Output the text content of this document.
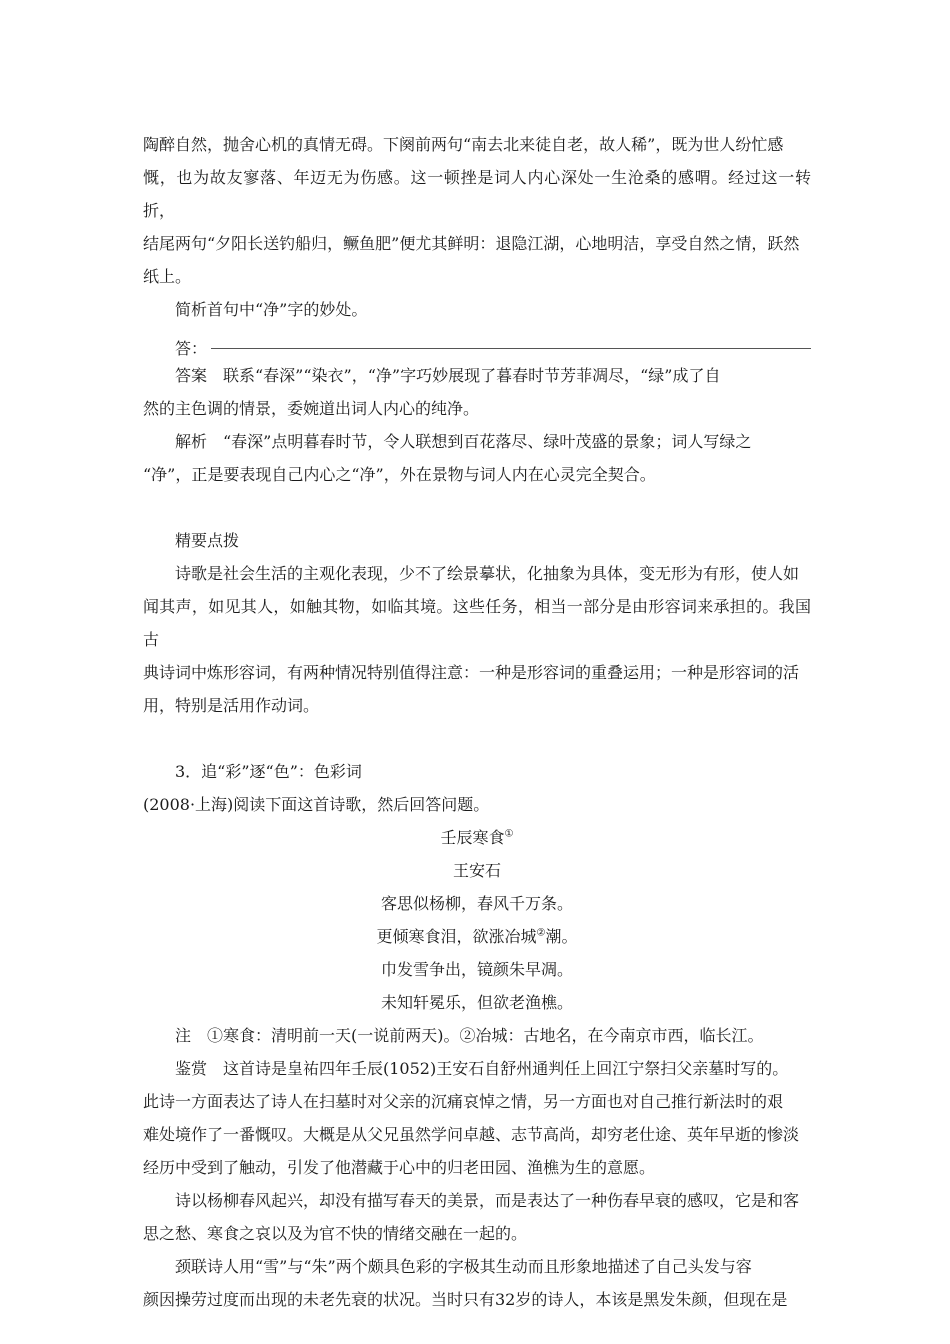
陶醉自然，抛舍心机的真情无碍。下阕前两句“南去北来徒自老，故人稀”，既为世人纷忙感

慨，也为故友寥落、年迈无为伤感。这一顿挫是词人内心深处一生沧桑的感喟。经过这一转折，

结尾两句“夕阳长送钓船归，鳜鱼肥”便尤其鲜明：退隐江湖，心地明洁，享受自然之情，跃然

纸上。

简析首句中“净”字的妙处。

答：

答案　联系“春深”“染衣”，“净”字巧妙展现了暮春时节芳菲凋尽，“绿”成了自

然的主色调的情景，委婉道出词人内心的纯净。

解析　“春深”点明暮春时节，令人联想到百花落尽、绿叶茂盛的景象；词人写绿之

“净”，正是要表现自己内心之“净”，外在景物与词人内在心灵完全契合。

精要点拨

诗歌是社会生活的主观化表现，少不了绘景摹状，化抽象为具体，变无形为有形，使人如

闻其声，如见其人，如触其物，如临其境。这些任务，相当一部分是由形容词来承担的。我国古

典诗词中炼形容词，有两种情况特别值得注意：一种是形容词的重叠运用；一种是形容词的活

用，特别是活用作动词。

3．追“彩”逐“色”：色彩词

(2008·上海)阅读下面这首诗歌，然后回答问题。

壬辰寒食①

王安石

客思似杨柳，春风千万条。

更倾寒食泪，欲涨冶城②潮。

巾发雪争出，镜颜朱早凋。

未知轩冕乐，但欲老渔樵。

注　①寒食：清明前一天(一说前两天)。②冶城：古地名，在今南京市西，临长江。

鉴赏　这首诗是皇祐四年壬辰(1052)王安石自舒州通判任上回江宁祭扫父亲墓时写的。

此诗一方面表达了诗人在扫墓时对父亲的沉痛哀悼之情，另一方面也对自己推行新法时的艰

难处境作了一番慨叹。大概是从父兄虽然学问卓越、志节高尚，却穷老仕途、英年早逝的惨淡

经历中受到了触动，引发了他潜藏于心中的归老田园、渔樵为生的意愿。

诗以杨柳春风起兴，却没有描写春天的美景，而是表达了一种伤春早衰的感叹，它是和客

思之愁、寒食之哀以及为官不快的情绪交融在一起的。

颈联诗人用“雪”与“朱”两个颇具色彩的字极其生动而且形象地描述了自己头发与容

颜因操劳过度而出现的未老先衰的状况。当时只有32岁的诗人，本该是黑发朱颜，但现在是
